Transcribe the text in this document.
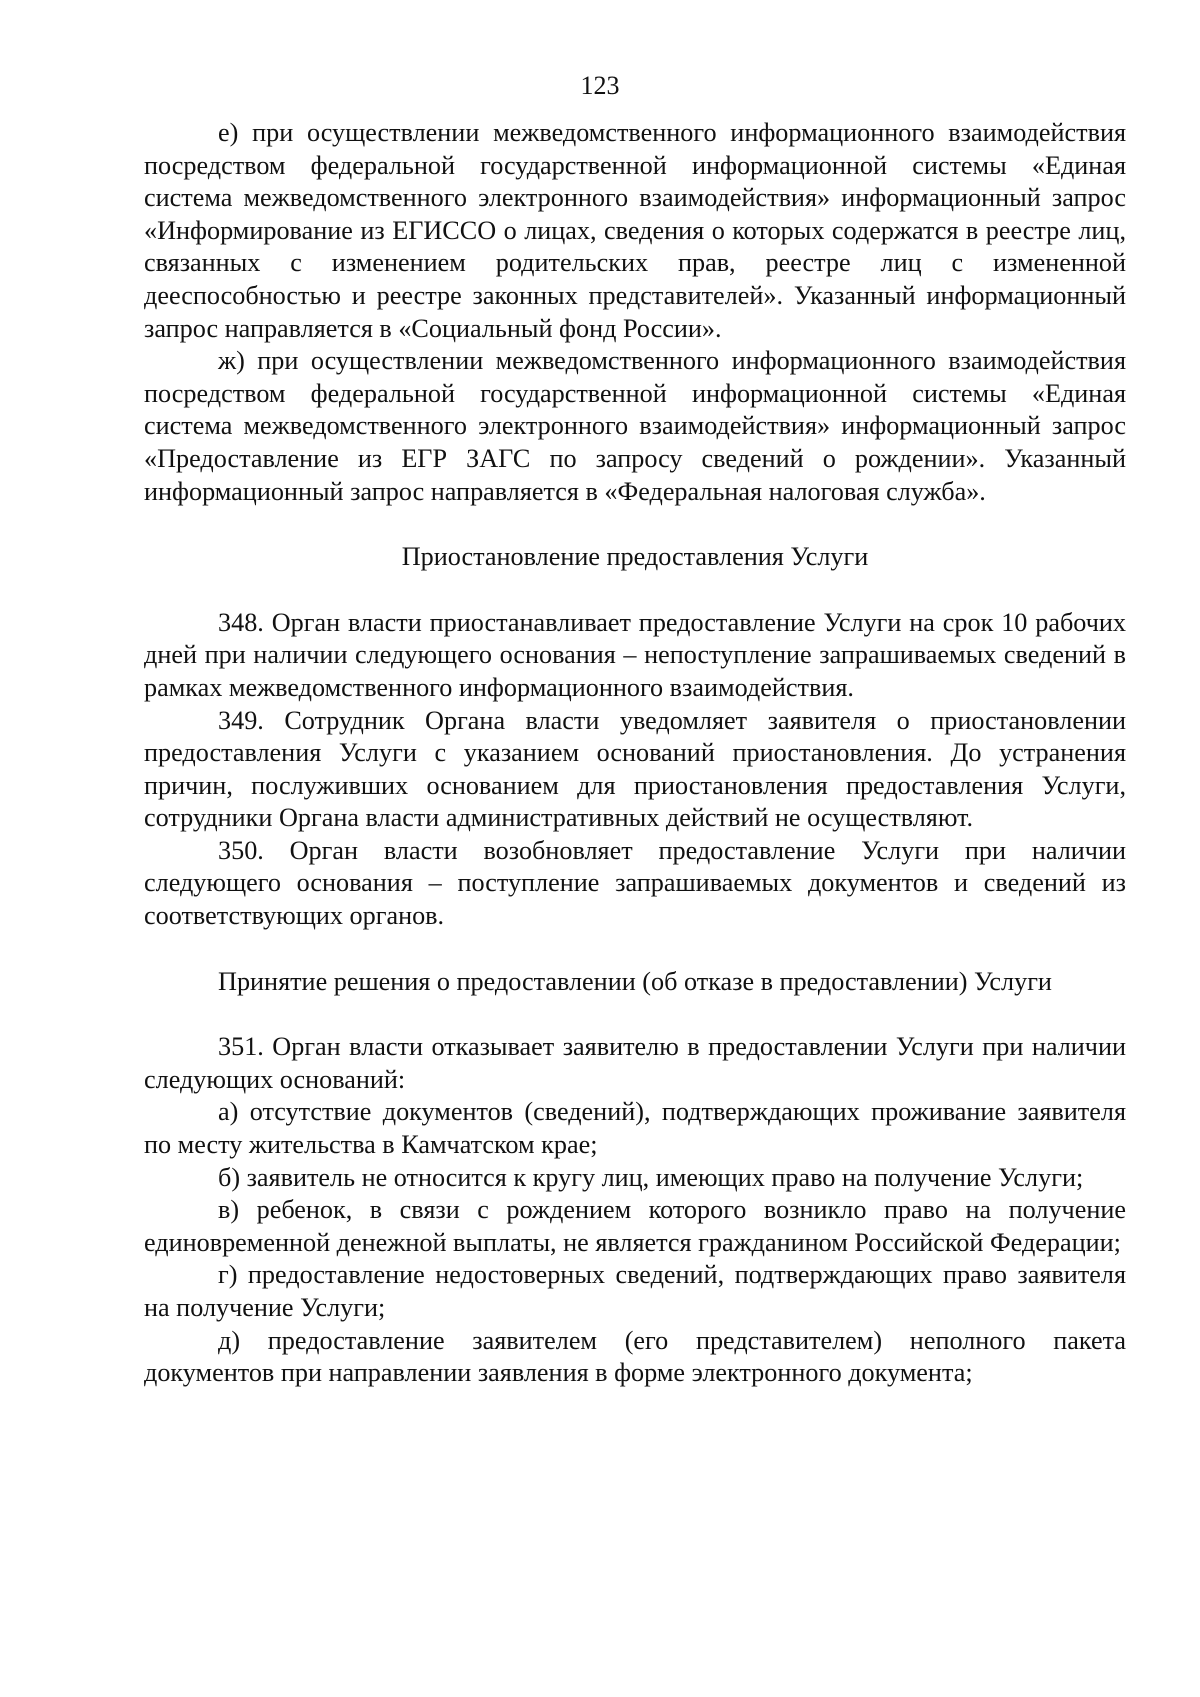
123

е) при осуществлении межведомственного информационного взаимодействия посредством федеральной государственной информационной системы «Единая система межведомственного электронного взаимодействия» информационный запрос «Информирование из ЕГИССО о лицах, сведения о которых содержатся в реестре лиц, связанных с изменением родительских прав, реестре лиц с измененной дееспособностью и реестре законных представителей». Указанный информационный запрос направляется в «Социальный фонд России».

ж) при осуществлении межведомственного информационного взаимодействия посредством федеральной государственной информационной системы «Единая система межведомственного электронного взаимодействия» информационный запрос «Предоставление из ЕГР ЗАГС по запросу сведений о рождении». Указанный информационный запрос направляется в «Федеральная налоговая служба».

Приостановление предоставления Услуги

348. Орган власти приостанавливает предоставление Услуги на срок 10 рабочих дней при наличии следующего основания – непоступление запрашиваемых сведений в рамках межведомственного информационного взаимодействия.

349. Сотрудник Органа власти уведомляет заявителя о приостановлении предоставления Услуги с указанием оснований приостановления. До устранения причин, послуживших основанием для приостановления предоставления Услуги, сотрудники Органа власти административных действий не осуществляют.

350. Орган власти возобновляет предоставление Услуги при наличии следующего основания – поступление запрашиваемых документов и сведений из соответствующих органов.

Принятие решения о предоставлении (об отказе в предоставлении) Услуги

351. Орган власти отказывает заявителю в предоставлении Услуги при наличии следующих оснований:

а) отсутствие документов (сведений), подтверждающих проживание заявителя по месту жительства в Камчатском крае;

б) заявитель не относится к кругу лиц, имеющих право на получение Услуги;

в) ребенок, в связи с рождением которого возникло право на получение единовременной денежной выплаты, не является гражданином Российской Федерации;

г) предоставление недостоверных сведений, подтверждающих право заявителя на получение Услуги;

д) предоставление заявителем (его представителем) неполного пакета документов при направлении заявления в форме электронного документа;
